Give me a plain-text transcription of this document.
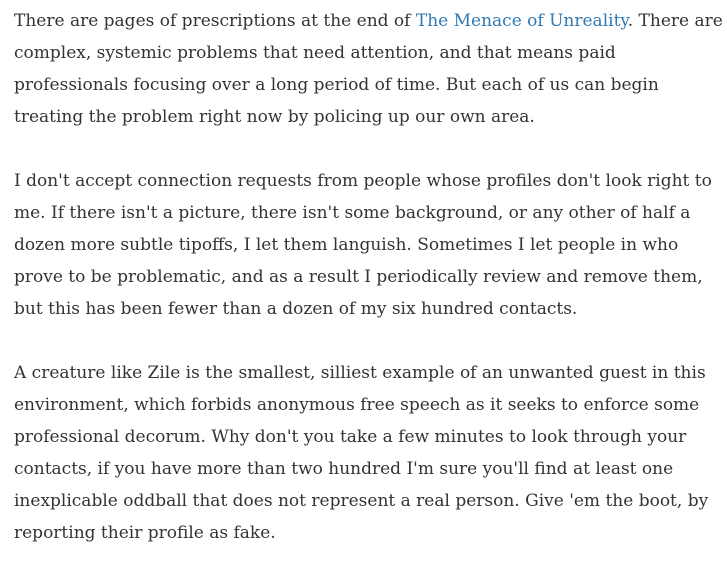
There are pages of prescriptions at the end of The Menace of Unreality. There are
complex, systemic problems that need attention, and that means paid
professionals focusing over a long period of time. But each of us can begin
treating the problem right now by policing up our own area.

I don't accept connection requests from people whose profiles don't look right to
me. If there isn't a picture, there isn't some background, or any other of half a
dozen more subtle tipoffs, I let them languish. Sometimes I let people in who
prove to be problematic, and as a result I periodically review and remove them,
but this has been fewer than a dozen of my six hundred contacts.

A creature like Zile is the smallest, silliest example of an unwanted guest in this
environment, which forbids anonymous free speech as it seeks to enforce some
professional decorum. Why don't you take a few minutes to look through your
contacts, if you have more than two hundred I'm sure you'll find at least one
inexplicable oddball that does not represent a real person. Give 'em the boot, by
reporting their profile as fake.
